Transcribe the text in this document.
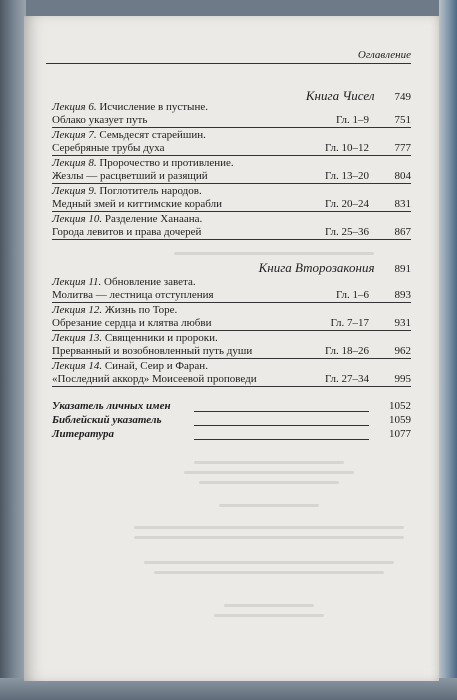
Оглавление
Книга Чисел 749
Лекция 6. Исчисление в пустыне.
Облако указует путь	Гл. 1–9 751
Лекция 7. Семьдесят старейшин.
Серебряные трубы духа	Гл. 10–12 777
Лекция 8. Пророчество и противление.
Жезлы — расцветший и разящий	Гл. 13–20 804
Лекция 9. Поглотитель народов.
Медный змей и киттимские корабли	Гл. 20–24 831
Лекция 10. Разделение Ханаана.
Города левитов и права дочерей	Гл. 25–36 867
Книга Второзакония 891
Лекция 11. Обновление завета.
Молитва — лестница отступления	Гл. 1–6 893
Лекция 12. Жизнь по Торе.
Обрезание сердца и клятва любви	Гл. 7–17 931
Лекция 13. Священники и пророки.
Прерванный и возобновленный путь души	Гл. 18–26 962
Лекция 14. Синай, Сеир и Фаран.
«Последний аккорд» Моисеевой проповеди	Гл. 27–34 995
Указатель личных имен	1052
Библейский указатель	1059
Литература	1077
